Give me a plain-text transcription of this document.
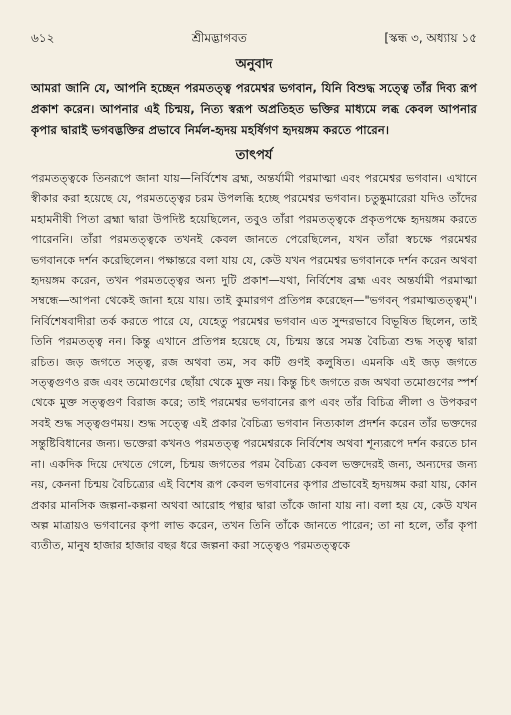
৬১২	শ্রীমদ্ভাগবত	[স্কন্ধ ৩, অধ্যায় ১৫
অনুবাদ

আমরা জানি যে, আপনি হচ্ছেন পরমতত্ত্ব পরমেশ্বর ভগবান, যিনি বিশুদ্ধ সত্ত্বে তাঁর দিব্য রূপ প্রকাশ করেন। আপনার এই চিন্ময়, নিত্য স্বরূপ অপ্রতিহত ভক্তির মাধ্যমে লব্ধ কেবল আপনার কৃপার দ্বারাই ভগবদ্ভক্তির প্রভাবে নির্মল-হৃদয় মহর্ষিগণ হৃদয়ঙ্গম করতে পারেন।

তাৎপর্য

পরমতত্ত্বকে তিনরূপে জানা যায়—নির্বিশেষ ব্রহ্ম, অন্তর্যামী পরমাত্মা এবং পরমেশ্বর ভগবান। এখানে স্বীকার করা হয়েছে যে, পরমতত্ত্বের চরম উপলব্ধি হচ্ছে পরমেশ্বর ভগবান। চতুষ্কুমারেরা যদিও তাঁদের মহামনীষী পিতা ব্রহ্মা দ্বারা উপদিষ্ট হয়েছিলেন, তবুও তাঁরা পরমতত্ত্বকে প্রকৃতপক্ষে হৃদয়ঙ্গম করতে পারেননি। তাঁরা পরমতত্ত্বকে তখনই কেবল জানতে পেরেছিলেন, যখন তাঁরা স্বচক্ষে পরমেশ্বর ভগবানকে দর্শন করেছিলেন। পক্ষান্তরে বলা যায় যে, কেউ যখন পরমেশ্বর ভগবানকে দর্শন করেন অথবা হৃদয়ঙ্গম করেন, তখন পরমতত্ত্বের অন্য দুটি প্রকাশ—যথা, নির্বিশেষ ব্রহ্ম এবং অন্তর্যামী পরমাত্মা সম্বন্ধে—আপনা থেকেই জানা হয়ে যায়। তাই কুমারগণ প্রতিপন্ন করেছেন—"ভগবন্ পরমাত্মতত্ত্বম্"। নির্বিশেষবাদীরা তর্ক করতে পারে যে, যেহেতু পরমেশ্বর ভগবান এত সুন্দরভাবে বিভূষিত ছিলেন, তাই তিনি পরমতত্ত্ব নন। কিন্তু এখানে প্রতিপন্ন হয়েছে যে, চিন্ময় স্তরে সমস্ত বৈচিত্র্য শুদ্ধ সত্ত্ব দ্বারা রচিত। জড় জগতে সত্ত্ব, রজ অথবা তম, সব কটি গুণই কলুষিত। এমনকি এই জড় জগতে সত্ত্বগুণও রজ এবং তমোগুণের ছোঁয়া থেকে মুক্ত নয়। কিন্তু চিৎ জগতে রজ অথবা তমোগুণের স্পর্শ থেকে মুক্ত সত্ত্বগুণ বিরাজ করে; তাই পরমেশ্বর ভগবানের রূপ এবং তাঁর বিচিত্র লীলা ও উপকরণ সবই শুদ্ধ সত্ত্বগুণময়। শুদ্ধ সত্ত্বে এই প্রকার বৈচিত্র্য ভগবান নিত্যকাল প্রদর্শন করেন তাঁর ভক্তদের সন্তুষ্টিবিধানের জন্য। ভক্তেরা কখনও পরমতত্ত্ব পরমেশ্বরকে নির্বিশেষ অথবা শূন্যরূপে দর্শন করতে চান না। একদিক দিয়ে দেখতে গেলে, চিন্ময় জগতের পরম বৈচিত্র্য কেবল ভক্তদেরই জন্য, অন্যদের জন্য নয়, কেননা চিন্ময় বৈচিত্র্যের এই বিশেষ রূপ কেবল ভগবানের কৃপার প্রভাবেই হৃদয়ঙ্গম করা যায়, কোন প্রকার মানসিক জল্পনা-কল্পনা অথবা আরোহ পন্থার দ্বারা তাঁকে জানা যায় না। বলা হয় যে, কেউ যখন অল্প মাত্রায়ও ভগবানের কৃপা লাভ করেন, তখন তিনি তাঁকে জানতে পারেন; তা না হলে, তাঁর কৃপা ব্যতীত, মানুষ হাজার হাজার বছর ধরে জল্পনা করা সত্ত্বেও পরমতত্ত্বকে
